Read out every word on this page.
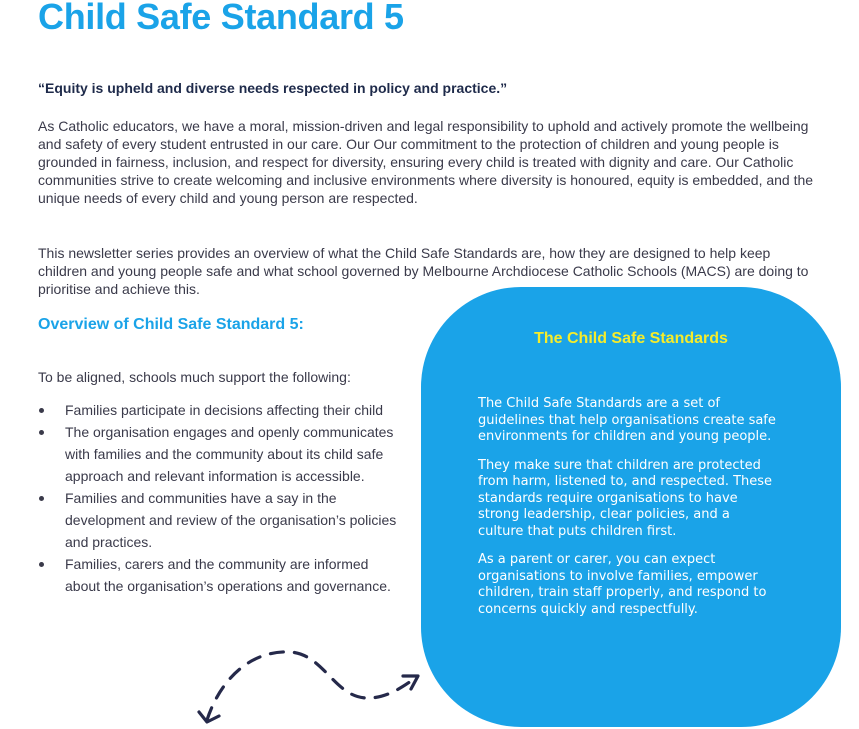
Child Safe Standard 5

“Equity is upheld and diverse needs respected in policy and practice.”

As Catholic educators, we have a moral, mission-driven and legal responsibility to uphold and actively promote the wellbeing and safety of every student entrusted in our care. Our Our commitment to the protection of children and young people is grounded in fairness, inclusion, and respect for diversity, ensuring every child is treated with dignity and care. Our Catholic communities strive to create welcoming and inclusive environments where diversity is honoured, equity is embedded, and the unique needs of every child and young person are respected.

This newsletter series provides an overview of what the Child Safe Standards are, how they are designed to help keep children and young people safe and what school governed by Melbourne Archdiocese Catholic Schools (MACS) are doing to prioritise and achieve this.

Overview of Child Safe Standard 5:

To be aligned, schools much support the following:

Families participate in decisions affecting their child
The organisation engages and openly communicates with families and the community about its child safe approach and relevant information is accessible.
Families and communities have a say in the development and review of the organisation’s policies and practices.
Families, carers and the community are informed about the organisation’s operations and governance.
The Child Safe Standards

The Child Safe Standards are a set of guidelines that help organisations create safe environments for children and young people.

They make sure that children are protected from harm, listened to, and respected. These standards require organisations to have strong leadership, clear policies, and a culture that puts children first.

As a parent or carer, you can expect organisations to involve families, empower children, train staff properly, and respond to concerns quickly and respectfully.
